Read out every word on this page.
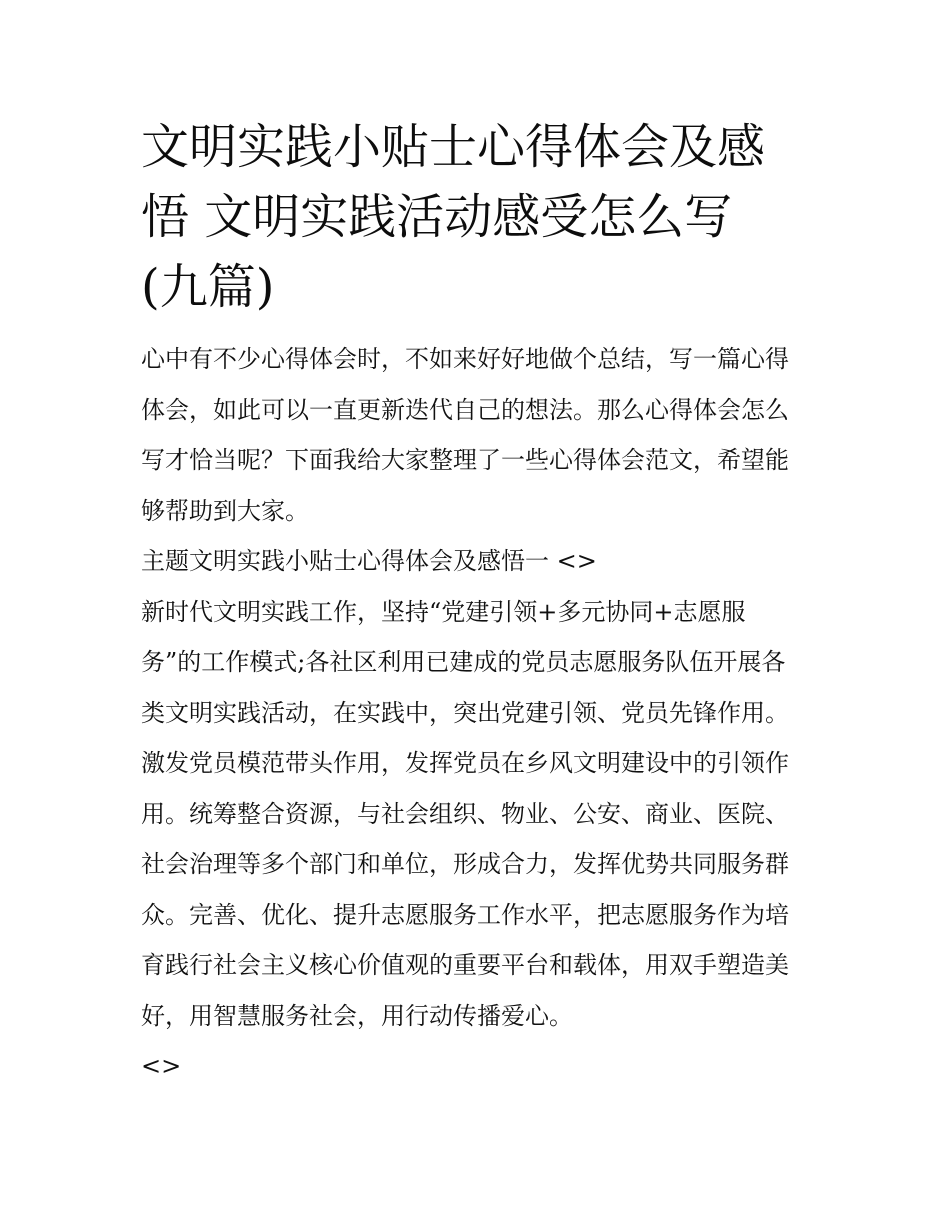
文明实践小贴士心得体会及感
悟 文明实践活动感受怎么写
(九篇)

心中有不少心得体会时，不如来好好地做个总结，写一篇心得
体会，如此可以一直更新迭代自己的想法。那么心得体会怎么
写才恰当呢？下面我给大家整理了一些心得体会范文，希望能
够帮助到大家。

主题文明实践小贴士心得体会及感悟一 <>

新时代文明实践工作，坚持“党建引领+多元协同+志愿服
务”的工作模式;各社区利用已建成的党员志愿服务队伍开展各
类文明实践活动，在实践中，突出党建引领、党员先锋作用。
激发党员模范带头作用，发挥党员在乡风文明建设中的引领作
用。统筹整合资源，与社会组织、物业、公安、商业、医院、
社会治理等多个部门和单位，形成合力，发挥优势共同服务群
众。完善、优化、提升志愿服务工作水平，把志愿服务作为培
育践行社会主义核心价值观的重要平台和载体，用双手塑造美
好，用智慧服务社会，用行动传播爱心。

<>
